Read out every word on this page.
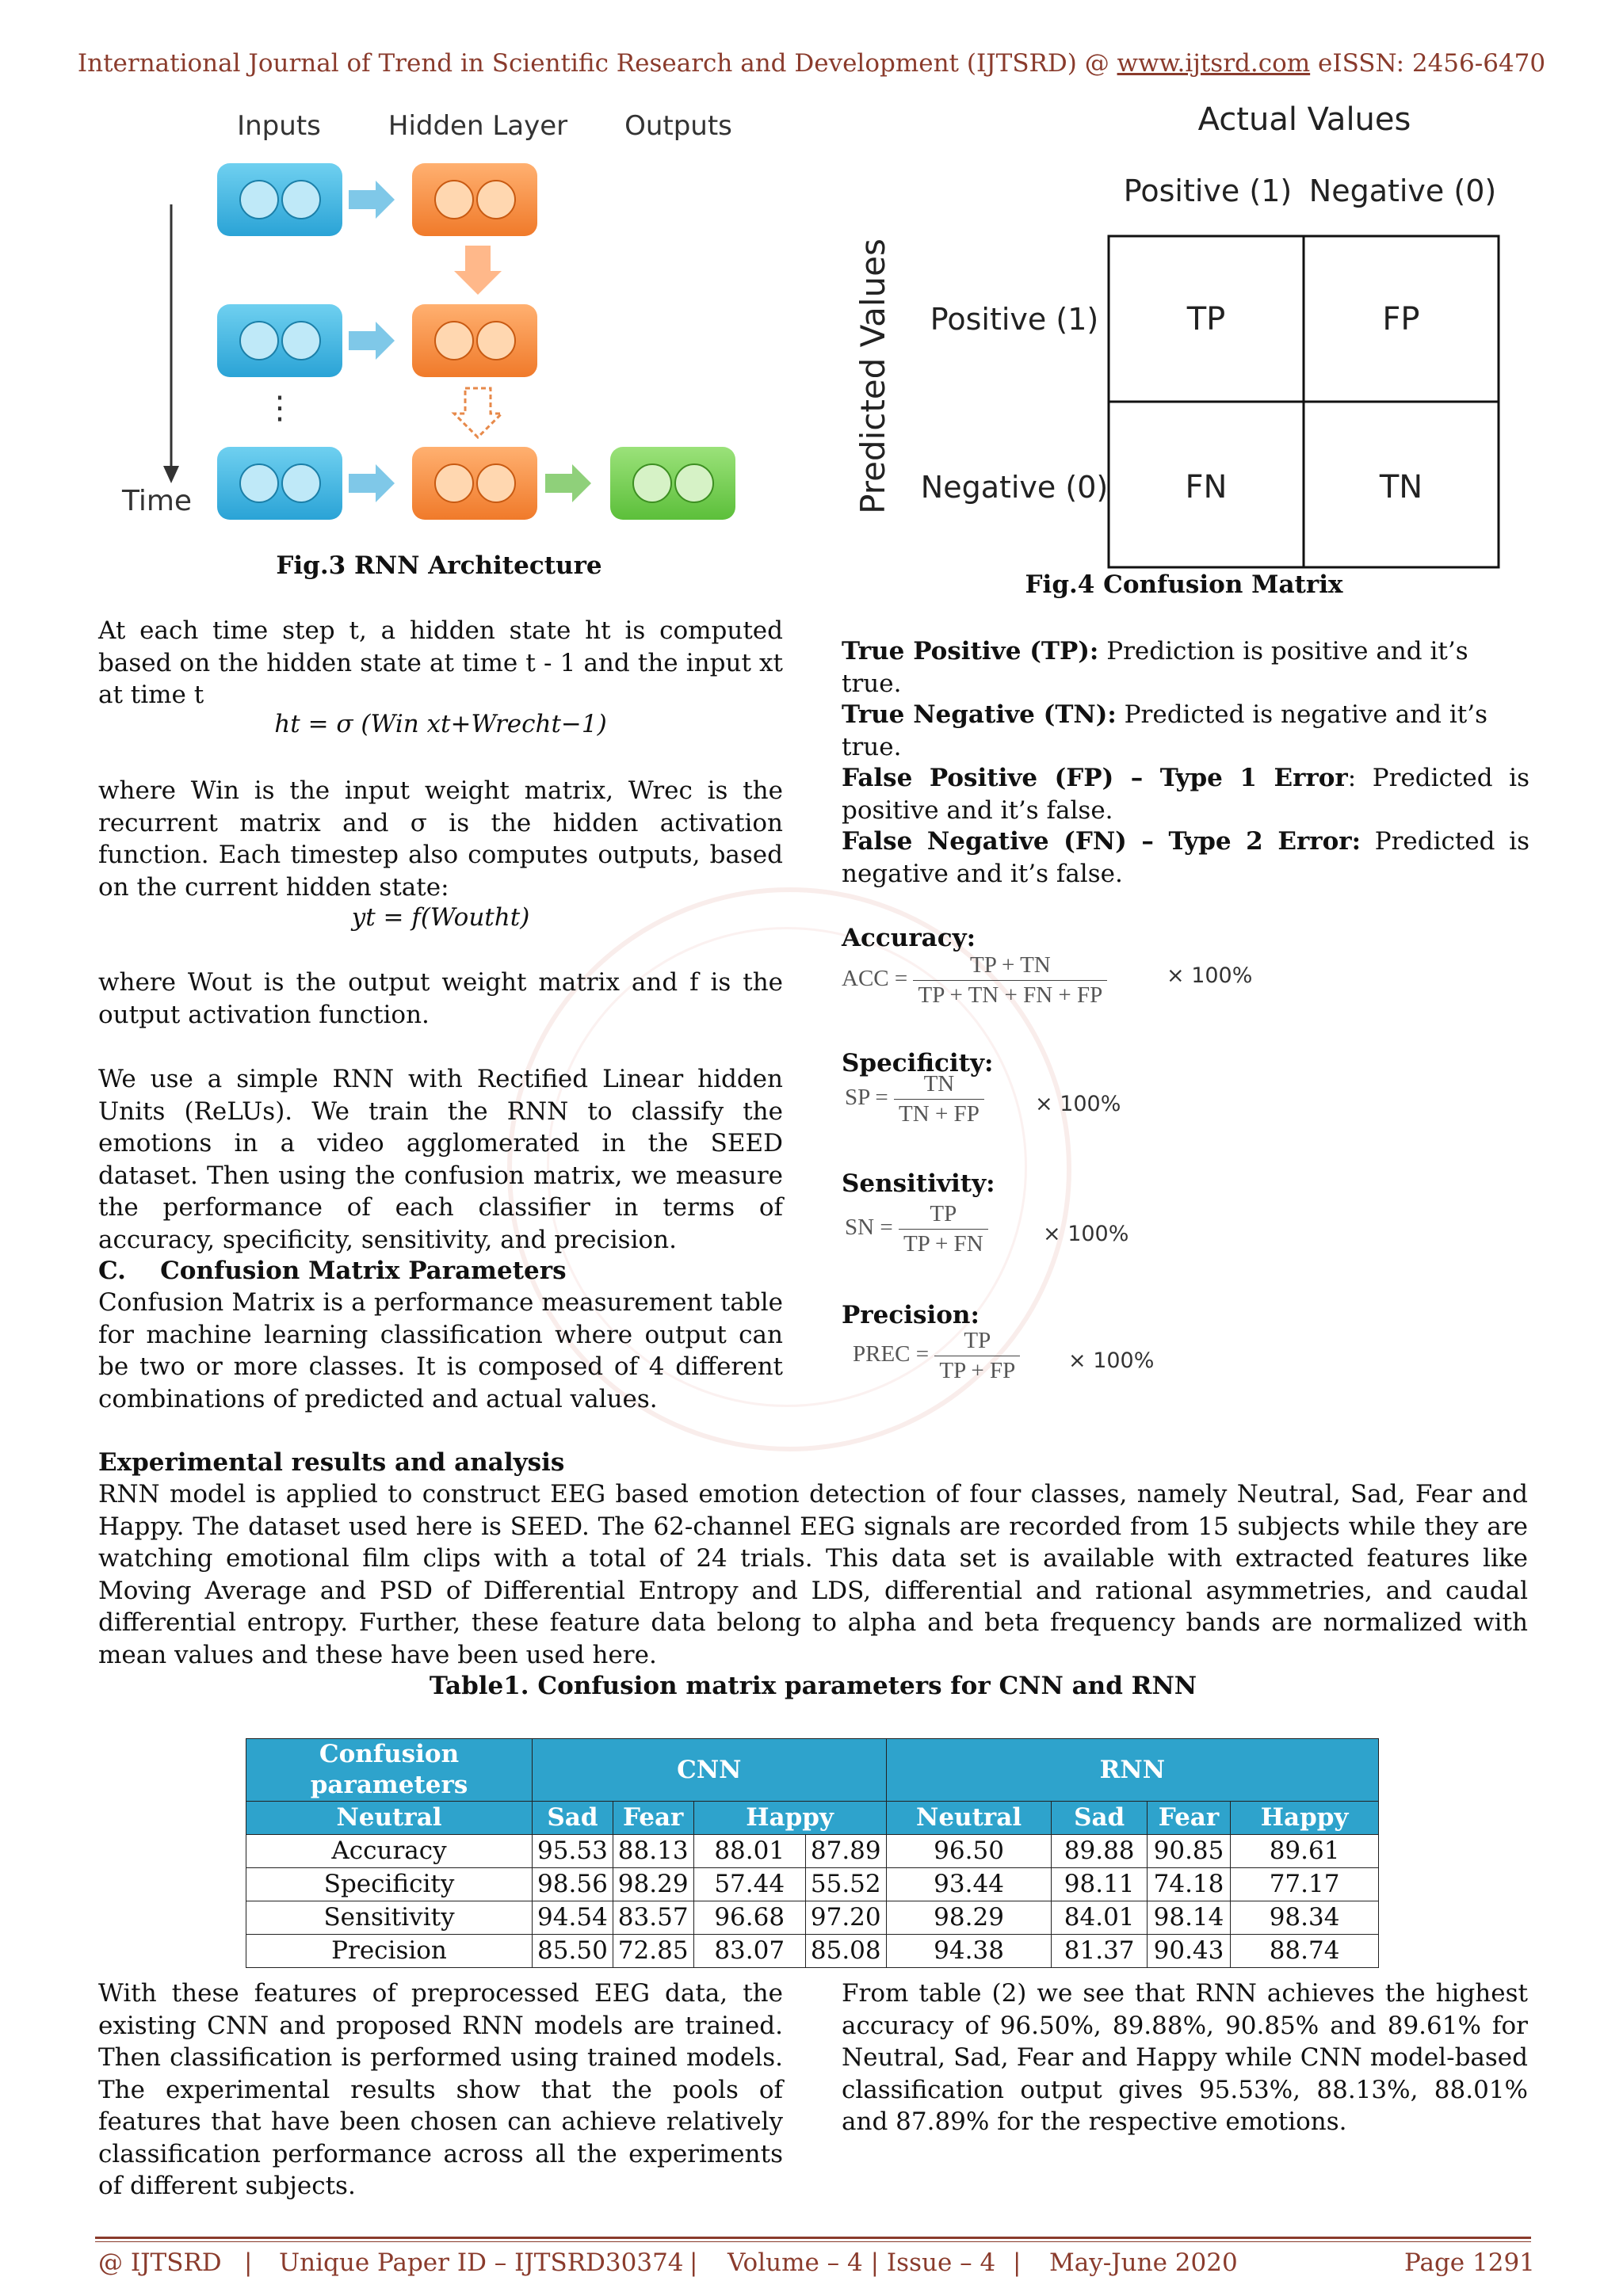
International Journal of Trend in Scientific Research and Development (IJTSRD) @ www.ijtsrd.com eISSN: 2456-6470
Inputs Hidden Layer Outputs
Time
⋮
Fig.3 RNN Architecture
Actual Values
Positive (1) Negative (0)
Predicted Values Positive (1)
Negative (0)
TP	FP
FN	TN
Fig.4 Confusion Matrix
At each time step t, a hidden state ht is computed based on the hidden state at time t - 1 and the input xt at time t
ht = σ (Win xt+Wrecht−1)
where Win is the input weight matrix, Wrec is the recurrent matrix and σ is the hidden activation function. Each timestep also computes outputs, based on the current hidden state:
yt = f(Woutht)
where Wout is the output weight matrix and f is the output activation function.
We use a simple RNN with Rectified Linear hidden Units (ReLUs). We train the RNN to classify the emotions in a video agglomerated in the SEED dataset. Then using the confusion matrix, we measure the performance of each classifier in terms of accuracy, specificity, sensitivity, and precision.
C.    Confusion Matrix Parameters
Confusion Matrix is a performance measurement table for machine learning classification where output can be two or more classes. It is composed of 4 different combinations of predicted and actual values.
True Positive (TP): Prediction is positive and it’s true.
True Negative (TN): Predicted is negative and it’s true.
False Positive (FP) – Type 1 Error: Predicted is positive and it’s false.
False Negative (FN) – Type 2 Error: Predicted is negative and it’s false.
Accuracy:
ACC = $\frac{TP + TN}{TP + TN + FN + FP}$	× 100%
Specificity:
SP = $\frac{TN}{TN + FP} \times 100\%$
Sensitivity:
SN = $\frac{TP}{TP + FN}$	× 100%
Precision:
PREC = $\frac{TP}{TP + FP} \times 100\%$
Experimental results and analysis
RNN model is applied to construct EEG based emotion detection of four classes, namely Neutral, Sad, Fear and Happy. The dataset used here is SEED. The 62-channel EEG signals are recorded from 15 subjects while they are watching emotional film clips with a total of 24 trials. This data set is available with extracted features like Moving Average and PSD of Differential Entropy and LDS, differential and rational asymmetries, and caudal differential entropy. Further, these feature data belong to alpha and beta frequency bands are normalized with mean values and these have been used here.
Table1. Confusion matrix parameters for CNN and RNN
Confusion parameters	CNN				RNN			
Neutral	Sad	Fear	Happy		Neutral	Sad	Fear	Happy
Accuracy	95.53	88.13	88.01	87.89	96.50	89.88	90.85	89.61
Specificity	98.56	98.29	57.44	55.52	93.44	98.11	74.18	77.17
Sensitivity	94.54	83.57	96.68	97.20	98.29	84.01	98.14	98.34
Precision	85.50	72.85	83.07	85.08	94.38	81.37	90.43	88.74
With these features of preprocessed EEG data, the existing CNN and proposed RNN models are trained. Then classification is performed using trained models. The experimental results show that the pools of features that have been chosen can achieve relatively classification performance across all the experiments of different subjects.
From table (2) we see that RNN achieves the highest accuracy of 96.50%, 89.88%, 90.85% and 89.61% for Neutral, Sad, Fear and Happy while CNN model-based classification output gives 95.53%, 88.13%, 88.01% and 87.89% for the respective emotions.
@ IJTSRD | Unique Paper ID – IJTSRD30374 | Volume – 4 | Issue – 4 | May-June 2020	Page 1291
